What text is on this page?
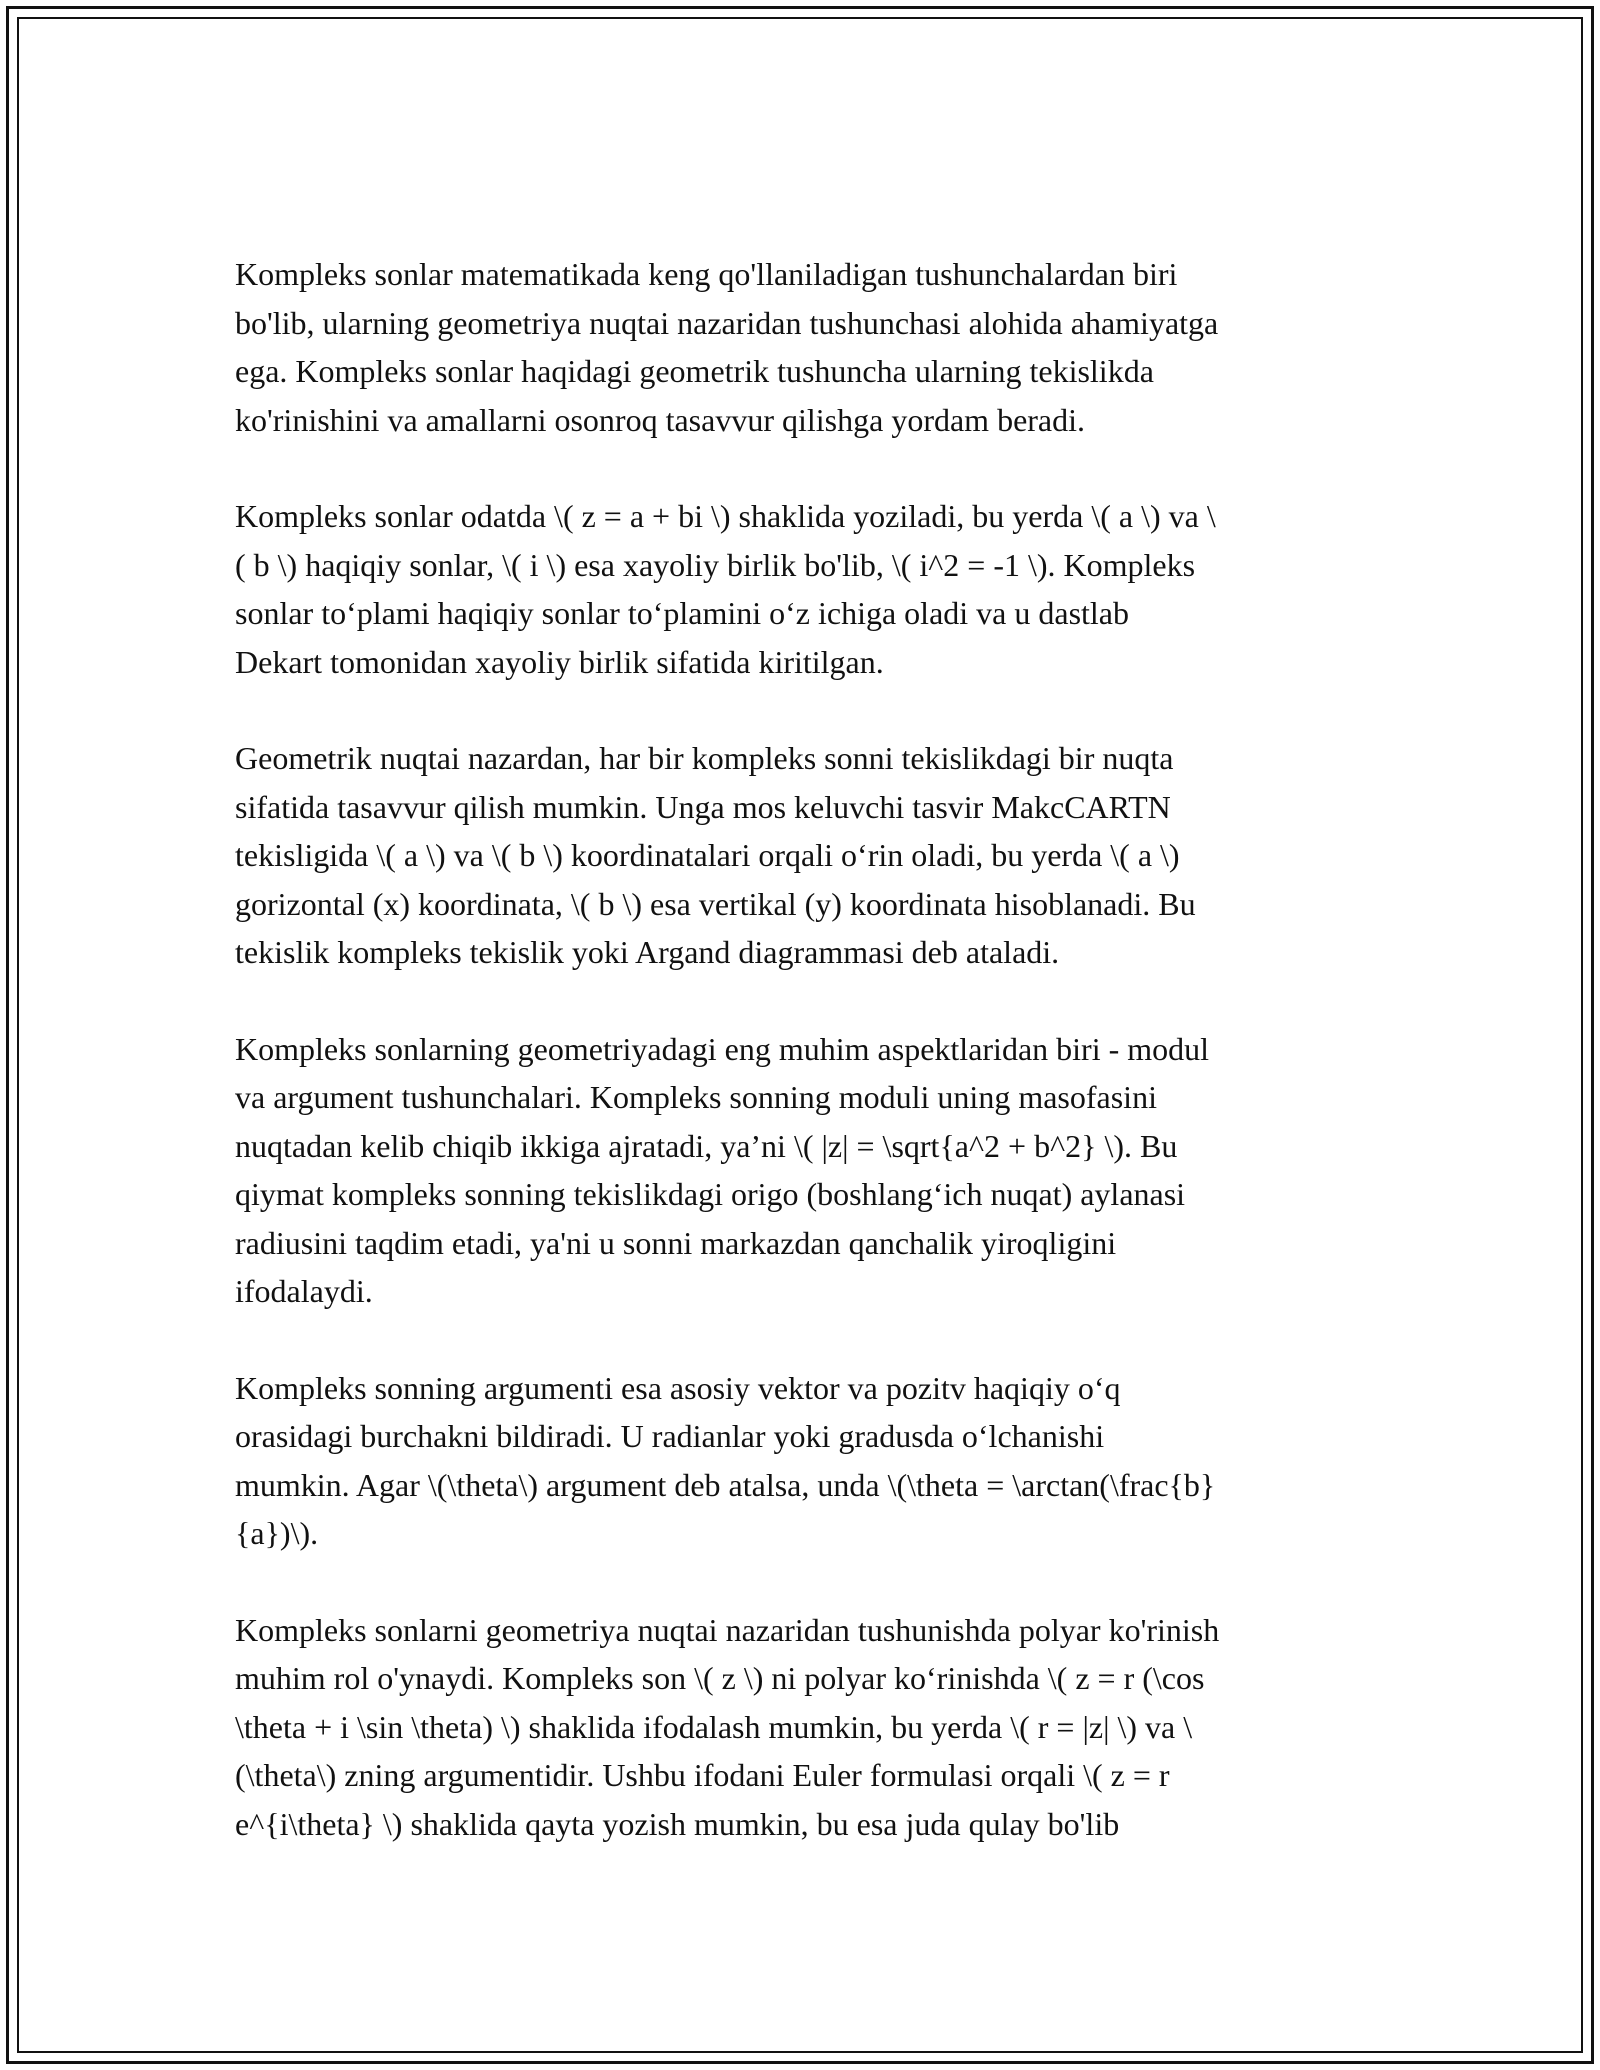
Kompleks sonlar matematikada keng qo'llaniladigan tushunchalardan biri
bo'lib, ularning geometriya nuqtai nazaridan tushunchasi alohida ahamiyatga
ega. Kompleks sonlar haqidagi geometrik tushuncha ularning tekislikda
ko'rinishini va amallarni osonroq tasavvur qilishga yordam beradi.

Kompleks sonlar odatda \( z = a + bi \) shaklida yoziladi, bu yerda \( a \) va \
( b \) haqiqiy sonlar, \( i \) esa xayoliy birlik bo'lib, \( i^2 = -1 \). Kompleks
sonlar to‘plami haqiqiy sonlar to‘plamini o‘z ichiga oladi va u dastlab
Dekart tomonidan xayoliy birlik sifatida kiritilgan.

Geometrik nuqtai nazardan, har bir kompleks sonni tekislikdagi bir nuqta
sifatida tasavvur qilish mumkin. Unga mos keluvchi tasvir MakcCARTN
tekisligida \( a \) va \( b \) koordinatalari orqali o‘rin oladi, bu yerda \( a \)
gorizontal (x) koordinata, \( b \) esa vertikal (y) koordinata hisoblanadi. Bu
tekislik kompleks tekislik yoki Argand diagrammasi deb ataladi.

Kompleks sonlarning geometriyadagi eng muhim aspektlaridan biri - modul
va argument tushunchalari. Kompleks sonning moduli uning masofasini
nuqtadan kelib chiqib ikkiga ajratadi, ya’ni \( |z| = \sqrt{a^2 + b^2} \). Bu
qiymat kompleks sonning tekislikdagi origo (boshlang‘ich nuqat) aylanasi
radiusini taqdim etadi, ya'ni u sonni markazdan qanchalik yiroqligini
ifodalaydi.

Kompleks sonning argumenti esa asosiy vektor va pozitv haqiqiy o‘q
orasidagi burchakni bildiradi. U radianlar yoki gradusda o‘lchanishi
mumkin. Agar \(\theta\) argument deb atalsa, unda \(\theta = \arctan(\frac{b}
{a})\).

Kompleks sonlarni geometriya nuqtai nazaridan tushunishda polyar ko'rinish
muhim rol o'ynaydi. Kompleks son \( z \) ni polyar ko‘rinishda \( z = r (\cos
\theta + i \sin \theta) \) shaklida ifodalash mumkin, bu yerda \( r = |z| \) va \
(\theta\) zning argumentidir. Ushbu ifodani Euler formulasi orqali \( z = r
e^{i\theta} \) shaklida qayta yozish mumkin, bu esa juda qulay bo'lib
